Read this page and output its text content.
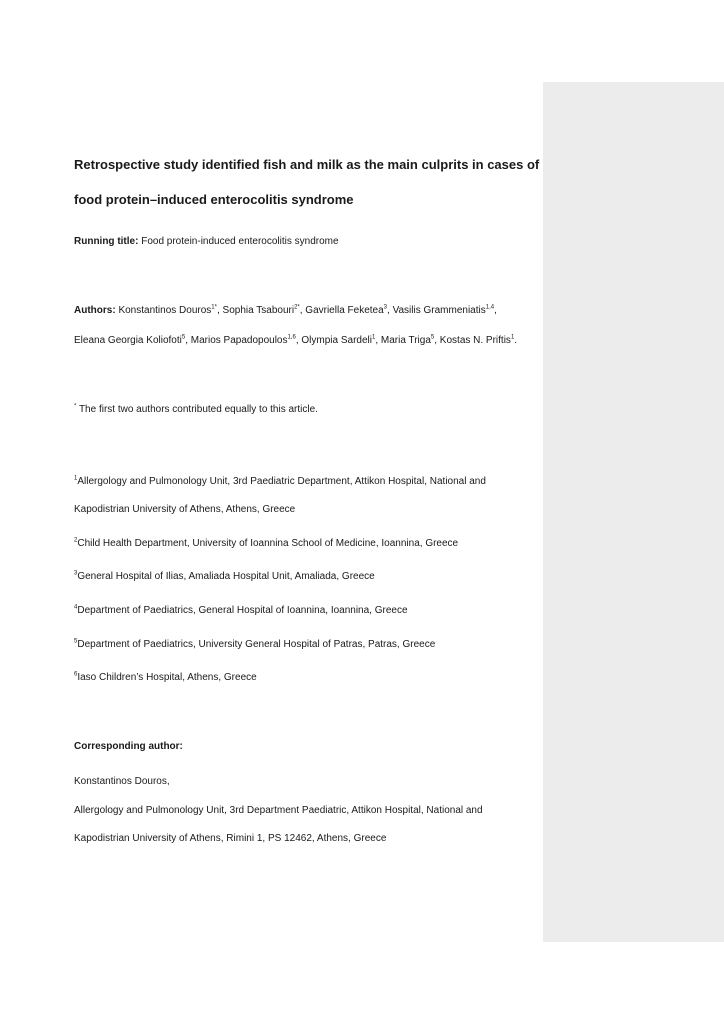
Retrospective study identified fish and milk as the main culprits in cases of
food protein–induced enterocolitis syndrome
Running title: Food protein-induced enterocolitis syndrome
Authors: Konstantinos Douros$^{1*}$, Sophia Tsabouri$^{2*}$, Gavriella Feketea$^3$, Vasilis Grammeniatis$^{1,4}$,
Eleana Georgia Koliofoti$^5$, Marios Papadopoulos$^{1,6}$, Olympia Sardeli$^1$, Maria Triga$^5$, Kostas N. Priftis$^1$.
* The first two authors contributed equally to this article.
$^1$Allergology and Pulmonology Unit, 3rd Paediatric Department, Attikon Hospital, National and
Kapodistrian University of Athens, Athens, Greece
$^2$Child Health Department, University of Ioannina School of Medicine, Ioannina, Greece
$^3$General Hospital of Ilias, Amaliada Hospital Unit, Amaliada, Greece
$^4$Department of Paediatrics, General Hospital of Ioannina, Ioannina, Greece
$^5$Department of Paediatrics, University General Hospital of Patras, Patras, Greece
$^6$Iaso Children’s Hospital, Athens, Greece
Corresponding author:
Konstantinos Douros,
Allergology and Pulmonology Unit, 3rd Department Paediatric, Attikon Hospital, National and
Kapodistrian University of Athens, Rimini 1, PS 12462, Athens, Greece
